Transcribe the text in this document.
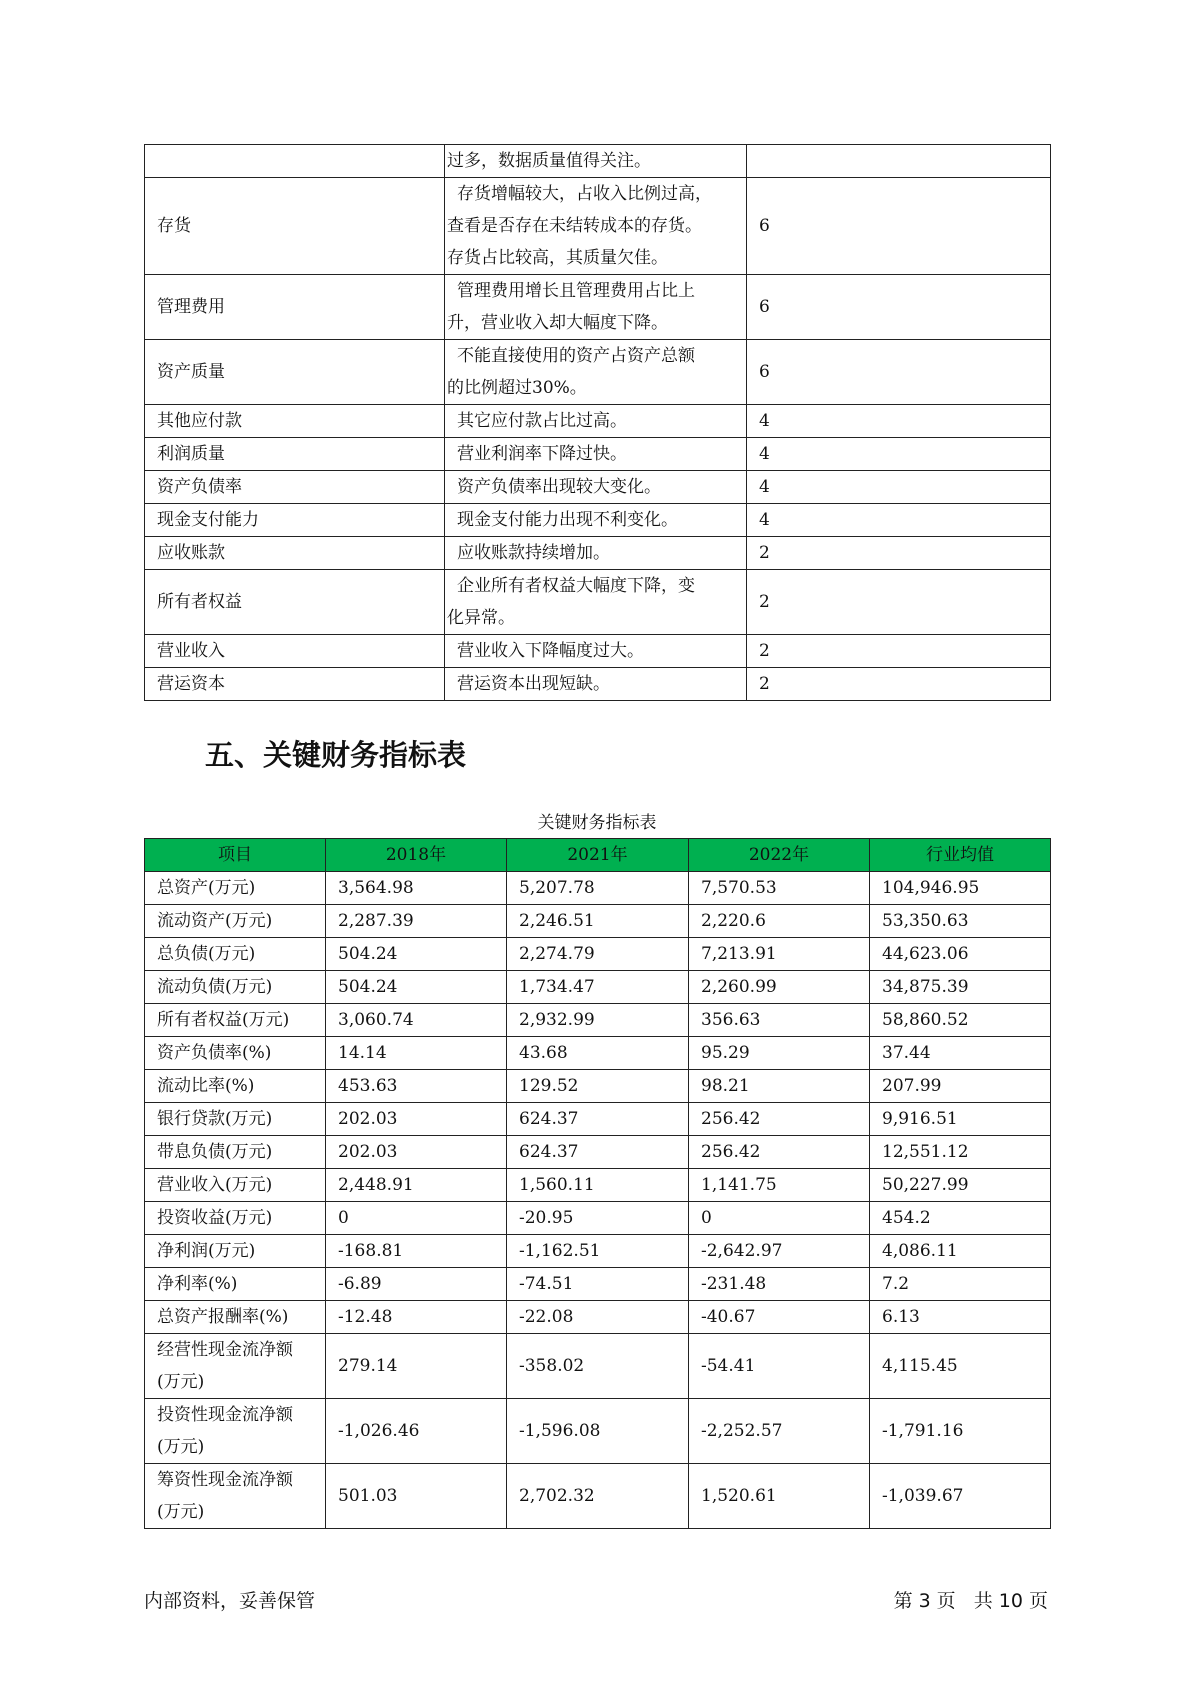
	过多，数据质量值得关注。	

存货	存货增幅较大，占收入比例过高，
查看是否存在未结转成本的存货。
存货占比较高，其质量欠佳。	6
管理费用	管理费用增长且管理费用占比上
升，营业收入却大幅度下降。	6
资产质量	不能直接使用的资产占资产总额
的比例超过30%。	6
其他应付款	其它应付款占比过高。	4
利润质量	营业利润率下降过快。	4
资产负债率	资产负债率出现较大变化。	4
现金支付能力	现金支付能力出现不利变化。	4
应收账款	应收账款持续增加。	2
所有者权益	企业所有者权益大幅度下降，变
化异常。	2
营业收入	营业收入下降幅度过大。	2
营运资本	营运资本出现短缺。	2
五、关键财务指标表
关键财务指标表
项目	2018年	2021年	2022年	行业均值

总资产(万元)	3,564.98	5,207.78	7,570.53	104,946.95

流动资产(万元)	2,287.39	2,246.51	2,220.6	53,350.63

总负债(万元)	504.24	2,274.79	7,213.91	44,623.06

流动负债(万元)	504.24	1,734.47	2,260.99	34,875.39

所有者权益(万元)	3,060.74	2,932.99	356.63	58,860.52

资产负债率(%)	14.14	43.68	95.29	37.44

流动比率(%)	453.63	129.52	98.21	207.99

银行贷款(万元)	202.03	624.37	256.42	9,916.51

带息负债(万元)	202.03	624.37	256.42	12,551.12

营业收入(万元)	2,448.91	1,560.11	1,141.75	50,227.99

投资收益(万元)	0	-20.95	0	454.2

净利润(万元)	-168.81	-1,162.51	-2,642.97	4,086.11

净利率(%)	-6.89	-74.51	-231.48	7.2

总资产报酬率(%)	-12.48	-22.08	-40.67	6.13

经营性现金流净额
(万元)	279.14	-358.02	-54.41	4,115.45

投资性现金流净额
(万元)	-1,026.46	-1,596.08	-2,252.57	-1,791.16

筹资性现金流净额
(万元)	501.03	2,702.32	1,520.61	-1,039.67
内部资料，妥善保管	第 3 页 共 10 页
